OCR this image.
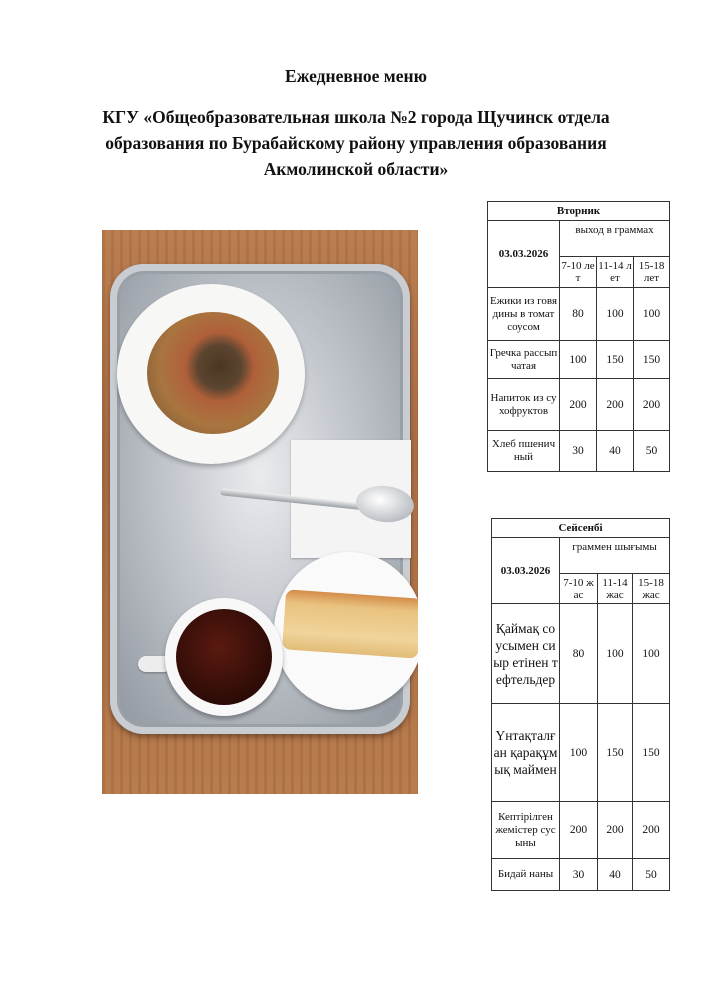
Ежедневное меню
КГУ «Общеобразовательная школа №2 города Щучинск отдела образования по Бурабайскому району управления образования Акмолинской области»
Вторник			
03.03.2026	выход в граммах		
	7-10 лет	11-14 лет	15-18 лет
Ежики из говядины в томат соусом	80	100	100
Гречка рассыпчатая	100	150	150
Напиток из сухофруктов	200	200	200
Хлеб пшеничный	30	40	50
Сейсенбі			
03.03.2026	граммен шығымы		
	7-10 жас	11-14 жас	15-18 жас
Қаймақ соусымен сиыр етінен тефтельдер	80	100	100
Үнтақталған қарақұмық маймен	100	150	150
Кептірілген жемістер сусыны	200	200	200
Бидай наны	30	40	50
